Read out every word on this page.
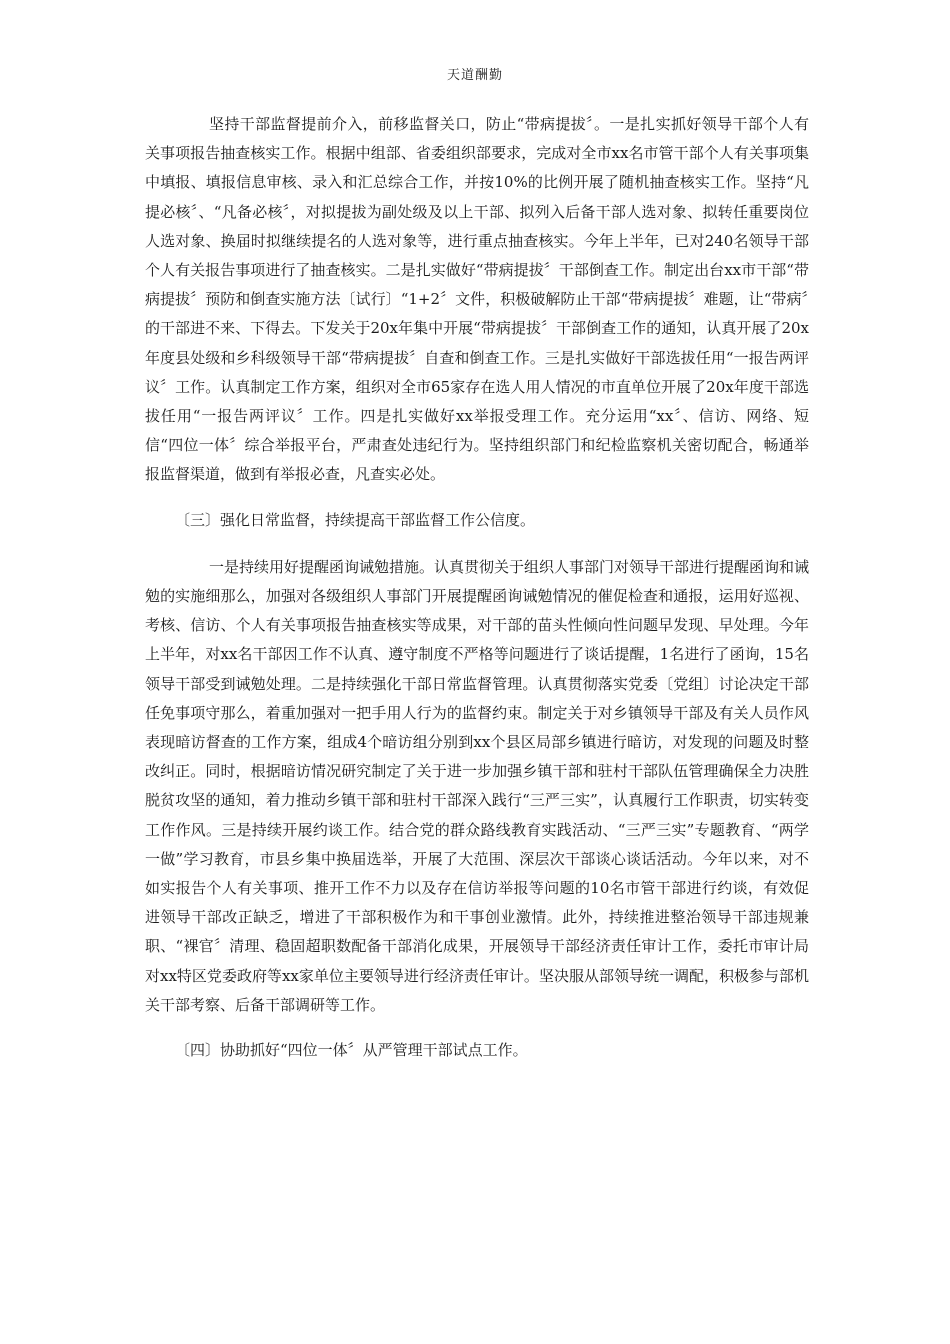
天道酬勤

坚持干部监督提前介入，前移监督关口，防止“带病提拔〞。一是扎实抓好领导干部个人有关事项报告抽查核实工作。根据中组部、省委组织部要求，完成对全市xx名市管干部个人有关事项集中填报、填报信息审核、录入和汇总综合工作，并按10%的比例开展了随机抽查核实工作。坚持“凡提必核〞、“凡备必核〞，对拟提拔为副处级及以上干部、拟列入后备干部人选对象、拟转任重要岗位人选对象、换届时拟继续提名的人选对象等，进行重点抽查核实。今年上半年，已对240名领导干部个人有关报告事项进行了抽查核实。二是扎实做好“带病提拔〞干部倒查工作。制定出台xx市干部“带病提拔〞预防和倒查实施方法〔试行〕“1+2〞文件，积极破解防止干部“带病提拔〞难题，让“带病〞的干部进不来、下得去。下发关于20x年集中开展“带病提拔〞干部倒查工作的通知，认真开展了20x年度县处级和乡科级领导干部“带病提拔〞自查和倒查工作。三是扎实做好干部选拔任用“一报告两评议〞工作。认真制定工作方案，组织对全市65家存在选人用人情况的市直单位开展了20x年度干部选拔任用“一报告两评议〞工作。四是扎实做好xx举报受理工作。充分运用“xx〞、信访、网络、短信“四位一体〞综合举报平台，严肃查处违纪行为。坚持组织部门和纪检监察机关密切配合，畅通举报监督渠道，做到有举报必查，凡查实必处。

〔三〕强化日常监督，持续提高干部监督工作公信度。

一是持续用好提醒函询诫勉措施。认真贯彻关于组织人事部门对领导干部进行提醒函询和诫勉的实施细那么，加强对各级组织人事部门开展提醒函询诫勉情况的催促检查和通报，运用好巡视、考核、信访、个人有关事项报告抽查核实等成果，对干部的苗头性倾向性问题早发现、早处理。今年上半年，对xx名干部因工作不认真、遵守制度不严格等问题进行了谈话提醒，1名进行了函询，15名领导干部受到诫勉处理。二是持续强化干部日常监督管理。认真贯彻落实党委〔党组〕讨论决定干部任免事项守那么，着重加强对一把手用人行为的监督约束。制定关于对乡镇领导干部及有关人员作风表现暗访督查的工作方案，组成4个暗访组分别到xx个县区局部乡镇进行暗访，对发现的问题及时整改纠正。同时，根据暗访情况研究制定了关于进一步加强乡镇干部和驻村干部队伍管理确保全力决胜脱贫攻坚的通知，着力推动乡镇干部和驻村干部深入践行“三严三实”，认真履行工作职责，切实转变工作作风。三是持续开展约谈工作。结合党的群众路线教育实践活动、“三严三实”专题教育、“两学一做”学习教育，市县乡集中换届选举，开展了大范围、深层次干部谈心谈话活动。今年以来，对不如实报告个人有关事项、推开工作不力以及存在信访举报等问题的10名市管干部进行约谈，有效促进领导干部改正缺乏，增进了干部积极作为和干事创业激情。此外，持续推进整治领导干部违规兼职、“裸官〞清理、稳固超职数配备干部消化成果，开展领导干部经济责任审计工作，委托市审计局对xx特区党委政府等xx家单位主要领导进行经济责任审计。坚决服从部领导统一调配，积极参与部机关干部考察、后备干部调研等工作。

〔四〕协助抓好“四位一体〞从严管理干部试点工作。
